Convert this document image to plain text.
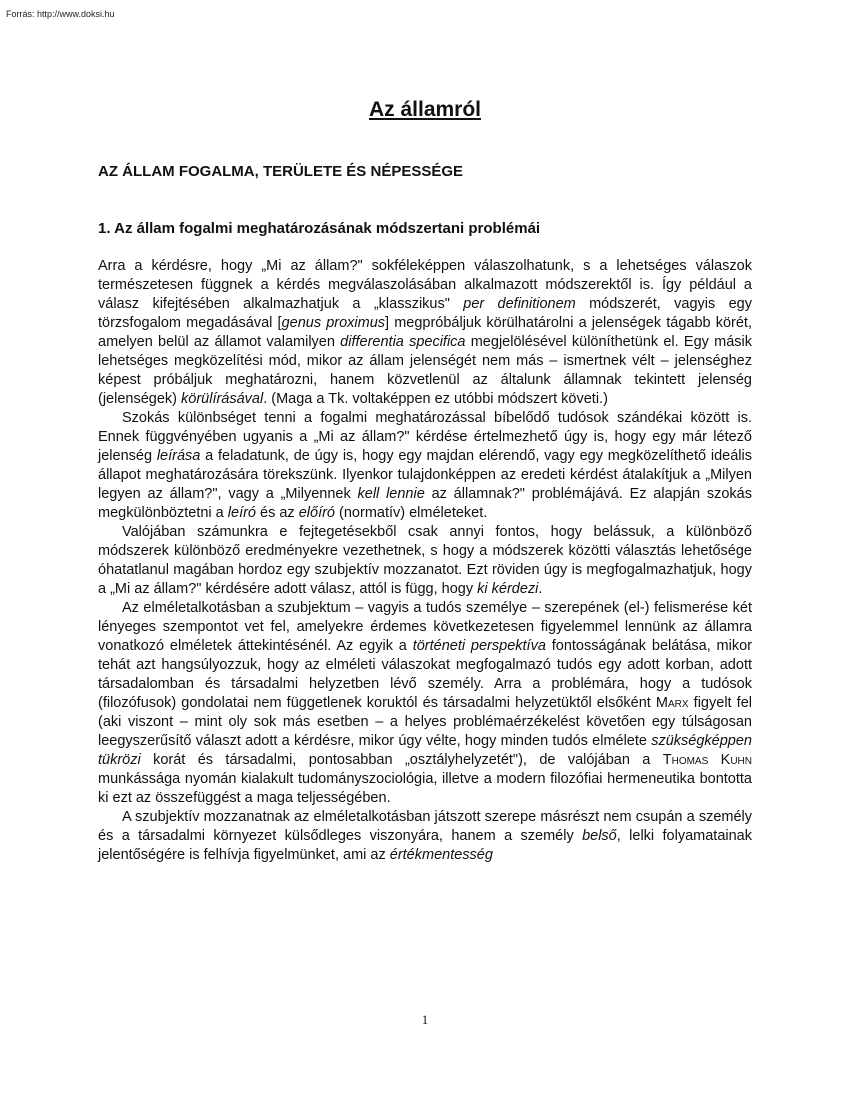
Forrás: http://www.doksi.hu
Az államról
AZ ÁLLAM FOGALMA, TERÜLETE ÉS NÉPESSÉGE
1. Az állam fogalmi meghatározásának módszertani problémái

Arra a kérdésre, hogy „Mi az állam?" sokféleképpen válaszolhatunk, s a lehetséges válaszok természetesen függnek a kérdés megválaszolásában alkalmazott módszerektől is. Így például a válasz kifejtésében alkalmazhatjuk a „klasszikus" per definitionem módszerét, vagyis egy törzsfogalom megadásával [genus proximus] megpróbáljuk körülhatárolni a jelenségek tágabb körét, amelyen belül az államot valamilyen differentia specifica megjelölésével különíthetünk el. Egy másik lehetséges megközelítési mód, mikor az állam jelenségét nem más – ismertnek vélt – jelenséghez képest próbáljuk meghatározni, hanem közvetlenül az általunk államnak tekintett jelenség (jelenségek) körülírásával. (Maga a Tk. voltaképpen ez utóbbi módszert követi.)

Szokás különbséget tenni a fogalmi meghatározással bíbelődő tudósok szándékai között is. Ennek függvényében ugyanis a „Mi az állam?" kérdése értelmezhető úgy is, hogy egy már létező jelenség leírása a feladatunk, de úgy is, hogy egy majdan elérendő, vagy egy megközelíthető ideális állapot meghatározására törekszünk. Ilyenkor tulajdonképpen az eredeti kérdést átalakítjuk a „Milyen legyen az állam?", vagy a „Milyennek kell lennie az államnak?" problémájává. Ez alapján szokás megkülönböztetni a leíró és az előíró (normatív) elméleteket.

Valójában számunkra e fejtegetésekből csak annyi fontos, hogy belássuk, a különböző módszerek különböző eredményekre vezethetnek, s hogy a módszerek közötti választás lehetősége óhatatlanul magában hordoz egy szubjektív mozzanatot. Ezt röviden úgy is megfogalmazhatjuk, hogy a „Mi az állam?" kérdésére adott válasz, attól is függ, hogy ki kérdezi.

Az elméletalkotásban a szubjektum – vagyis a tudós személye – szerepének (el-) felismerése két lényeges szempontot vet fel, amelyekre érdemes következetesen figyelemmel lennünk az államra vonatkozó elméletek áttekintésénél. Az egyik a történeti perspektíva fontosságának belátása, mikor tehát azt hangsúlyozzuk, hogy az elméleti válaszokat megfogalmazó tudós egy adott korban, adott társadalomban és társadalmi helyzetben lévő személy. Arra a problémára, hogy a tudósok (filozófusok) gondolatai nem függetlenek koruktól és társadalmi helyzetüktől elsőként Marx figyelt fel (aki viszont – mint oly sok más esetben – a helyes problémaérzékelést követően egy túlságosan leegyszerűsítő választ adott a kérdésre, mikor úgy vélte, hogy minden tudós elmélete szükségképpen tükrözi korát és társadalmi, pontosabban „osztályhelyzetét"), de valójában a Thomas Kuhn munkássága nyomán kialakult tudományszociológia, illetve a modern filozófiai hermeneutika bontotta ki ezt az összefüggést a maga teljességében.

A szubjektív mozzanatnak az elméletalkotásban játszott szerepe másrészt nem csupán a személy és a társadalmi környezet külsődleges viszonyára, hanem a személy belső, lelki folyamatainak jelentőségére is felhívja figyelmünket, ami az értékmentesség

1
